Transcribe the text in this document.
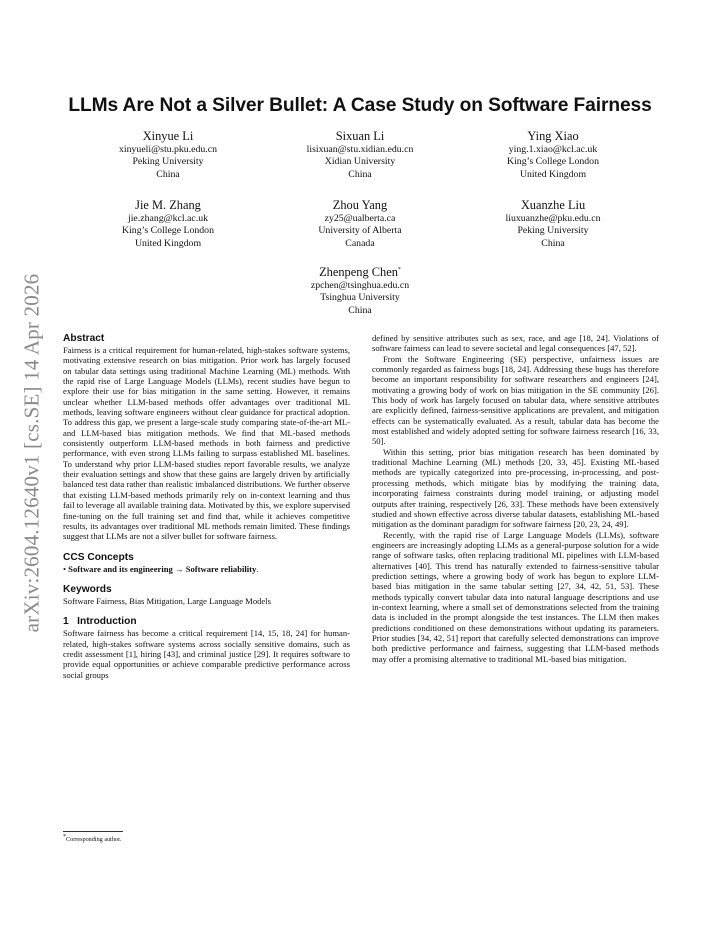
arXiv:2604.12640v1 [cs.SE] 14 Apr 2026
LLMs Are Not a Silver Bullet: A Case Study on Software Fairness
Xinyue Li
xinyueli@stu.pku.edu.cn
Peking University
China
Sixuan Li
lisixuan@stu.xidian.edu.cn
Xidian University
China
Ying Xiao
ying.1.xiao@kcl.ac.uk
King’s College London
United Kingdom
Jie M. Zhang
jie.zhang@kcl.ac.uk
King’s College London
United Kingdom
Zhou Yang
zy25@ualberta.ca
University of Alberta
Canada
Xuanzhe Liu
liuxuanzhe@pku.edu.cn
Peking University
China
Zhenpeng Chen*
zpchen@tsinghua.edu.cn
Tsinghua University
China
Abstract

Fairness is a critical requirement for human-related, high-stakes software systems, motivating extensive research on bias mitigation. Prior work has largely focused on tabular data settings using traditional Machine Learning (ML) methods. With the rapid rise of Large Language Models (LLMs), recent studies have begun to explore their use for bias mitigation in the same setting. However, it remains unclear whether LLM-based methods offer advantages over traditional ML methods, leaving software engineers without clear guidance for practical adoption. To address this gap, we present a large-scale study comparing state-of-the-art ML- and LLM-based bias mitigation methods. We find that ML-based methods consistently outperform LLM-based methods in both fairness and predictive performance, with even strong LLMs failing to surpass established ML baselines. To understand why prior LLM-based studies report favorable results, we analyze their evaluation settings and show that these gains are largely driven by artificially balanced test data rather than realistic imbalanced distributions. We further observe that existing LLM-based methods primarily rely on in-context learning and thus fail to leverage all available training data. Motivated by this, we explore supervised fine-tuning on the full training set and find that, while it achieves competitive results, its advantages over traditional ML methods remain limited. These findings suggest that LLMs are not a silver bullet for software fairness.

CCS Concepts

• Software and its engineering → Software reliability.

Keywords

Software Fairness, Bias Mitigation, Large Language Models

1   Introduction

Software fairness has become a critical requirement [14, 15, 18, 24] for human-related, high-stakes software systems across socially sensitive domains, such as credit assessment [1], hiring [43], and criminal justice [29]. It requires software to provide equal opportunities or achieve comparable predictive performance across social groups

*Corresponding author.

defined by sensitive attributes such as sex, race, and age [18, 24]. Violations of software fairness can lead to severe societal and legal consequences [47, 52].

From the Software Engineering (SE) perspective, unfairness issues are commonly regarded as fairness bugs [18, 24]. Addressing these bugs has therefore become an important responsibility for software researchers and engineers [24], motivating a growing body of work on bias mitigation in the SE community [26]. This body of work has largely focused on tabular data, where sensitive attributes are explicitly defined, fairness-sensitive applications are prevalent, and mitigation effects can be systematically evaluated. As a result, tabular data has become the most established and widely adopted setting for software fairness research [16, 33, 50].

Within this setting, prior bias mitigation research has been dominated by traditional Machine Learning (ML) methods [20, 33, 45]. Existing ML-based methods are typically categorized into pre-processing, in-processing, and post-processing methods, which mitigate bias by modifying the training data, incorporating fairness constraints during model training, or adjusting model outputs after training, respectively [26, 33]. These methods have been extensively studied and shown effective across diverse tabular datasets, establishing ML-based mitigation as the dominant paradigm for software fairness [20, 23, 24, 49].

Recently, with the rapid rise of Large Language Models (LLMs), software engineers are increasingly adopting LLMs as a general-purpose solution for a wide range of software tasks, often replacing traditional ML pipelines with LLM-based alternatives [40]. This trend has naturally extended to fairness-sensitive tabular prediction settings, where a growing body of work has begun to explore LLM-based bias mitigation in the same tabular setting [27, 34, 42, 51, 53]. These methods typically convert tabular data into natural language descriptions and use in-context learning, where a small set of demonstrations selected from the training data is included in the prompt alongside the test instances. The LLM then makes predictions conditioned on these demonstrations without updating its parameters. Prior studies [34, 42, 51] report that carefully selected demonstrations can improve both predictive performance and fairness, suggesting that LLM-based methods may offer a promising alternative to traditional ML-based bias mitigation.
